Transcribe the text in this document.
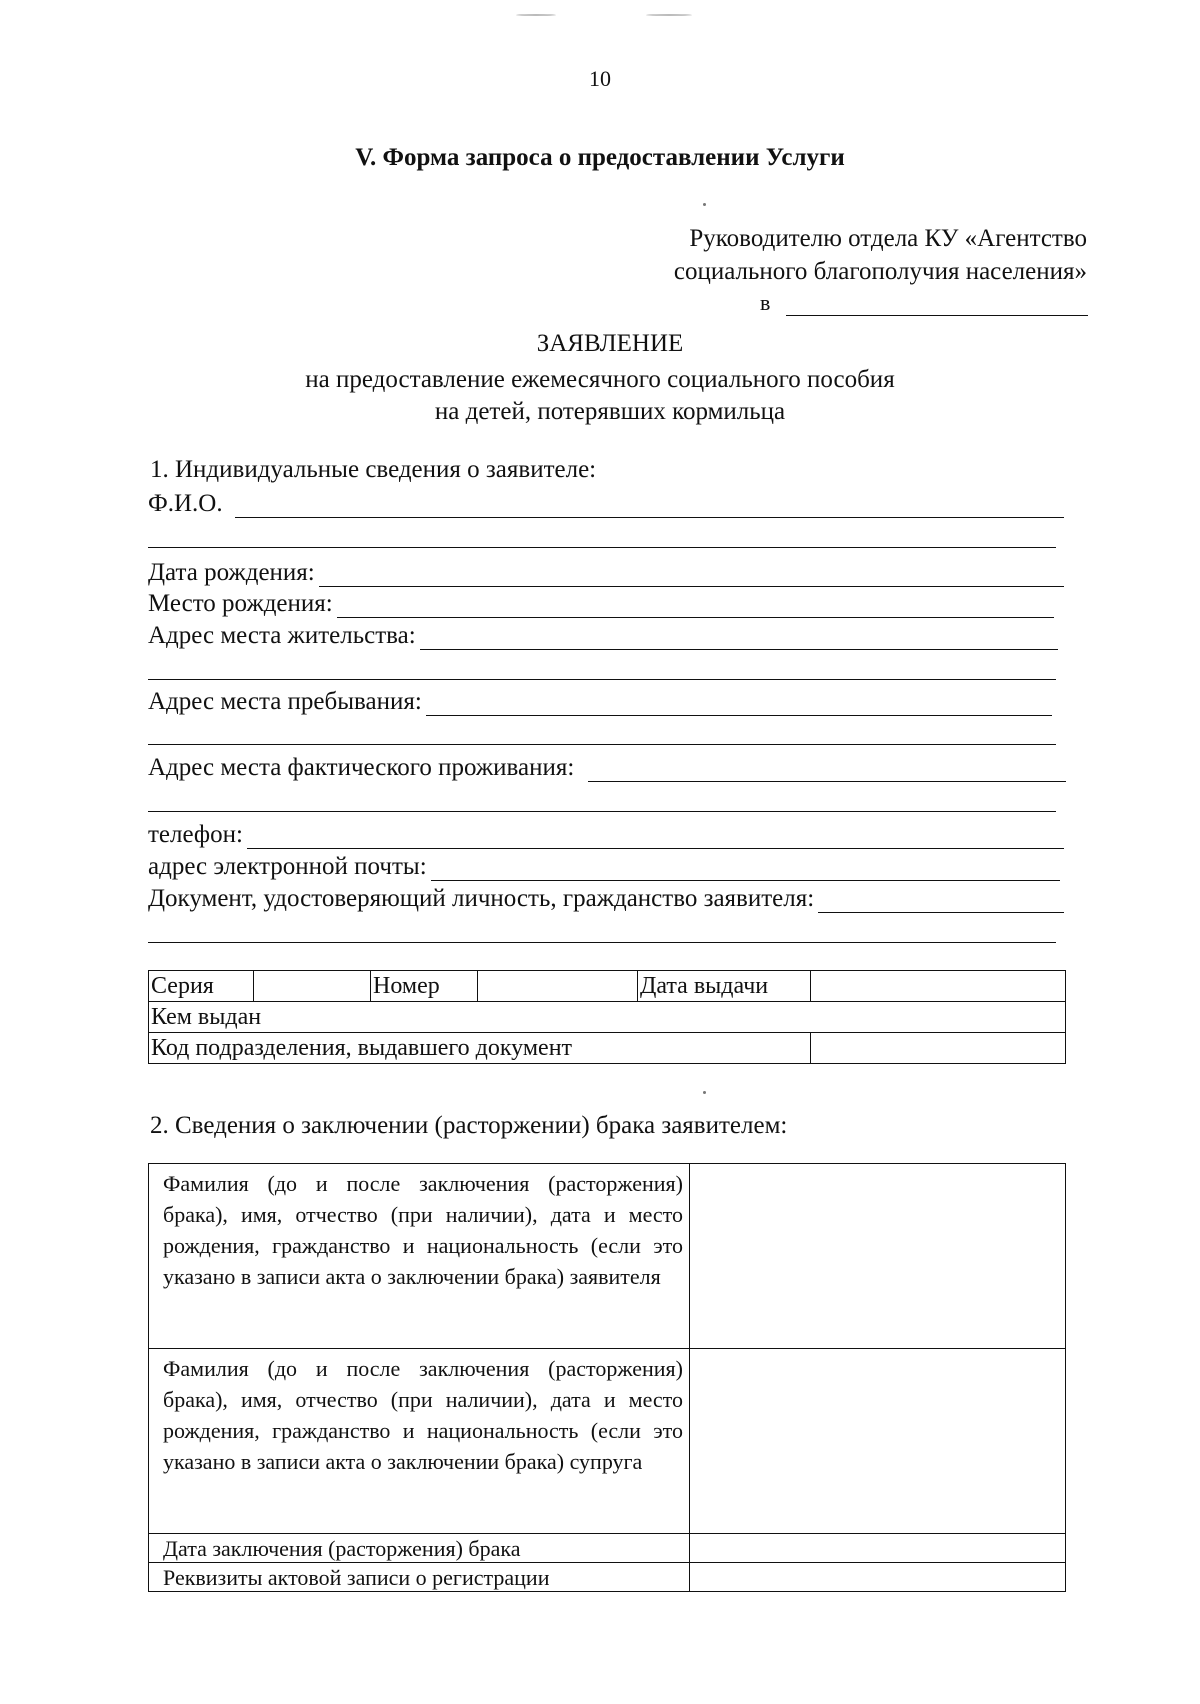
10
V. Форма запроса о предоставлении Услуги
Руководителю отдела КУ «Агентство
социального благополучия населения»
в
ЗАЯВЛЕНИЕ
на предоставление ежемесячного социального пособия
на детей, потерявших кормильца
1. Индивидуальные сведения о заявителе:
Ф.И.О.
Дата рождения:
Место рождения:
Адрес места жительства:
Адрес места пребывания:
Адрес места фактического проживания:
телефон:
адрес электронной почты:
Документ, удостоверяющий личность, гражданство заявителя:
Серия		Номер		Дата выдачи	
Кем выдан					
Код подразделения, выдавшего документ					
2. Сведения о заключении (расторжении) брака заявителем:
Фамилия (до и после заключения (расторжения) брака), имя, отчество (при наличии), дата и место рождения, гражданство и национальность (если это указано в записи акта о заключении брака) заявителя	
Фамилия (до и после заключения (расторжения) брака), имя, отчество (при наличии), дата и место рождения, гражданство и национальность (если это указано в записи акта о заключении брака) супруга	
Дата заключения (расторжения) брака	
Реквизиты актовой записи о регистрации	
